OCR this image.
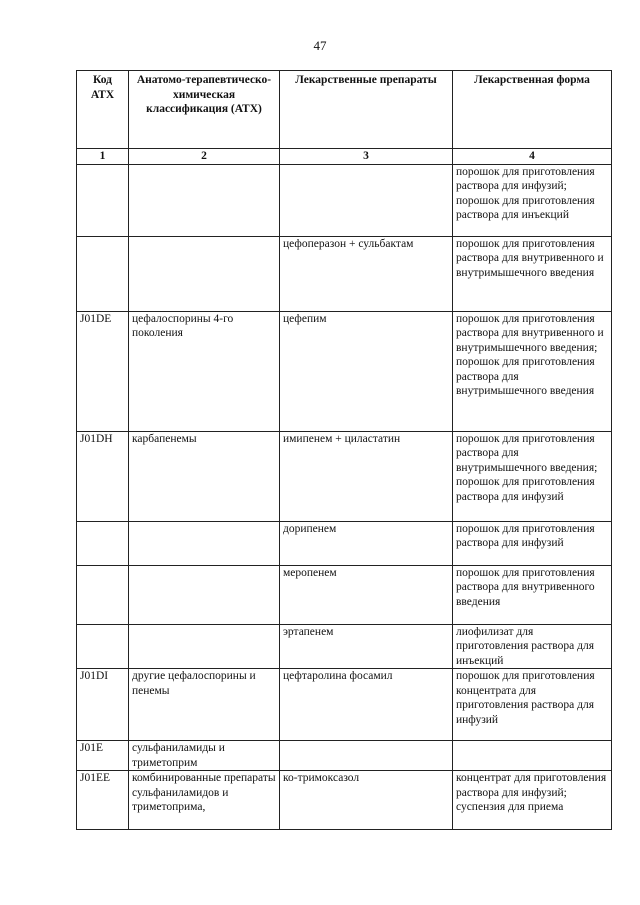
47
Код АТХ	Анатомо-терапевтическо-химическая классификация (АТХ)	Лекарственные препараты	Лекарственная форма
1	2	3	4
			порошок для приготовления раствора для инфузий; порошок для приготовления раствора для инъекций
		цефоперазон + сульбактам	порошок для приготовления раствора для внутривенного и внутримышечного введения
J01DE	цефалоспорины 4-го поколения	цефепим	порошок для приготовления раствора для внутривенного и внутримышечного введения; порошок для приготовления раствора для внутримышечного введения
J01DH	карбапенемы	имипенем + циластатин	порошок для приготовления раствора для внутримышечного введения; порошок для приготовления раствора для инфузий
		дорипенем	порошок для приготовления раствора для инфузий
		меропенем	порошок для приготовления раствора для внутривенного введения
		эртапенем	лиофилизат для приготовления раствора для инъекций
J01DI	другие цефалоспорины и пенемы	цефтаролина фосамил	порошок для приготовления концентрата для приготовления раствора для инфузий
J01E	сульфаниламиды и триметоприм		
J01EE	комбинированные препараты сульфаниламидов и триметоприма,	ко-тримоксазол	концентрат для приготовления раствора для инфузий; суспензия для приема
